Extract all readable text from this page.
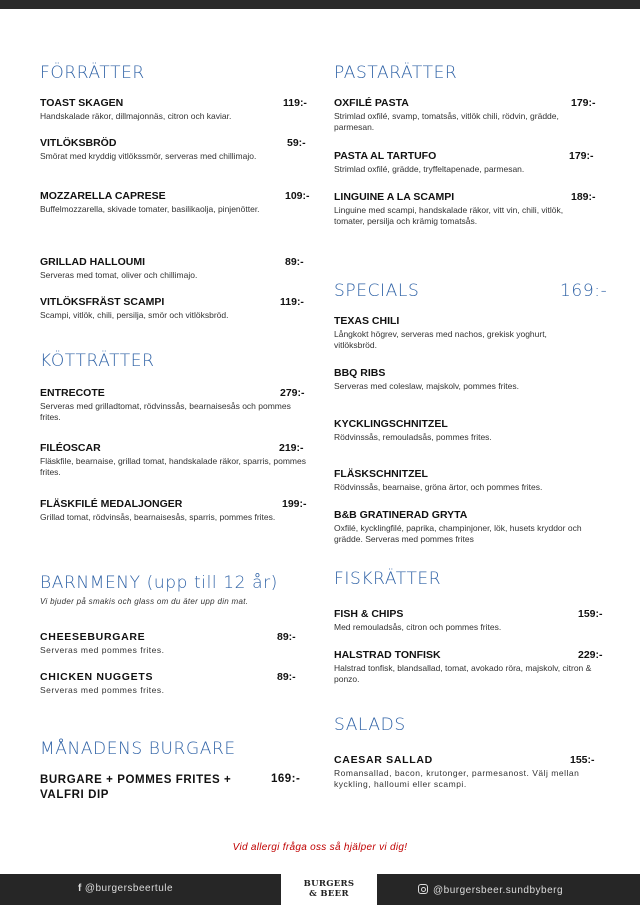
FÖRRÄTTER
TOAST SKAGEN	119:-
Handskalade räkor, dillmajonnäs, citron och kaviar.
VITLÖKSBRÖD	59:-
Smörat med kryddig vitlökssmör, serveras med chillimajo.
MOZZARELLA CAPRESE	109:-
Buffelmozzarella, skivade tomater, basilikaolja, pinjenötter.
GRILLAD HALLOUMI	89:-
Serveras med tomat, oliver och chillimajo.
VITLÖKSFRÄST SCAMPI	119:-
Scampi, vitlök, chili, persilja, smör och vitlöksbröd.
KÖTTRÄTTER
ENTRECOTE	279:-
Serveras med grilladtomat, rödvinssås, bearnaisesås och pommes frites.
FILÉOSCAR	219:-
Fläskfile, bearnaise, grillad tomat, handskalade räkor, sparris, pommes frites.
FLÄSKFILÉ MEDALJONGER	199:-
Grillad tomat, rödvinsås, bearnaisesås, sparris, pommes frites.
BARNMENY (upp till 12 år)
Vi bjuder på smakis och glass om du äter upp din mat.
CHEESEBURGARE	89:-
Serveras med pommes frites.
CHICKEN NUGGETS	89:-
Serveras med pommes frites.
MÅNADENS BURGARE
BURGARE + POMMES FRITES + VALFRI DIP
169:-
PASTARÄTTER
OXFILÉ PASTA	179:-
Strimlad oxfilé, svamp, tomatsås, vitlök chili, rödvin, grädde, parmesan.
PASTA AL TARTUFO	179:-
Strimlad oxfilé, grädde, tryffeltapenade, parmesan.
LINGUINE A LA SCAMPI	189:-
Linguine med scampi, handskalade räkor, vitt vin, chili, vitlök, tomater, persilja och krämig tomatsås.
SPECIALS	169:-
TEXAS CHILI
Långkokt högrev, serveras med nachos, grekisk yoghurt, vitlöksbröd.
BBQ RIBS
Serveras med coleslaw, majskolv, pommes frites.
KYCKLINGSCHNITZEL
Rödvinssås, remouladsås, pommes frites.
FLÄSKSCHNITZEL
Rödvinssås, bearnaise, gröna ärtor, och pommes frites.
B&B GRATINERAD GRYTA
Oxfilé, kycklingfilé, paprika, champinjoner, lök, husets kryddor och grädde. Serveras med pommes frites
FISKRÄTTER
FISH & CHIPS	159:-
Med remouladsås, citron och pommes frites.
HALSTRAD TONFISK	229:-
Halstrad tonfisk, blandsallad, tomat, avokado röra, majskolv, citron & ponzo.
SALADS
CAESAR SALLAD	155:-
Romansallad, bacon, krutonger, parmesanost. Välj mellan kyckling, halloumi eller scampi.
Vid allergi fråga oss så hjälper vi dig!
f @burgersbeertule	BURGERS
& BEER	@burgersbeer.sundbyberg
